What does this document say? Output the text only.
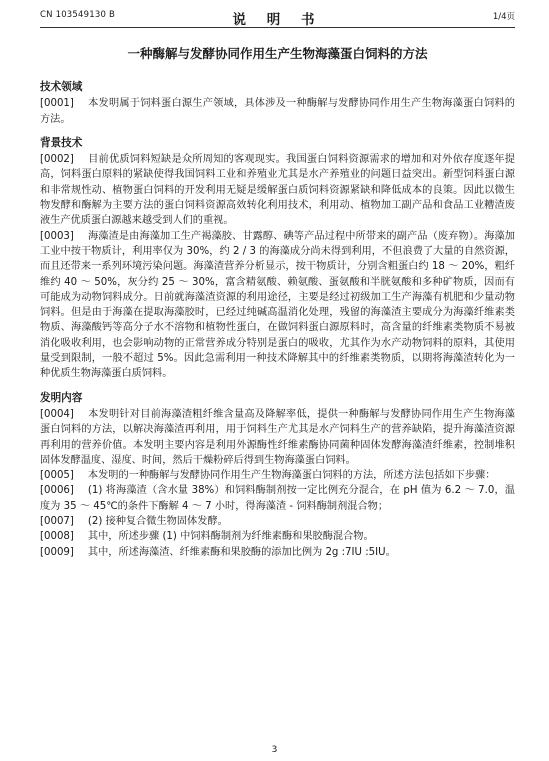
CN 103549130 B	说 明 书	1/4页
一种酶解与发酵协同作用生产生物海藻蛋白饲料的方法
技术领域

[0001] 本发明属于饲料蛋白源生产领域，具体涉及一种酶解与发酵协同作用生产生物海藻蛋白饲料的方法。

背景技术

[0002] 目前优质饲料短缺是众所周知的客观现实。我国蛋白饲料资源需求的增加和对外依存度逐年提高，饲料蛋白原料的紧缺使得我国饲料工业和养殖业尤其是水产养殖业的问题日益突出。新型饲料蛋白源和非常规性动、植物蛋白饲料的开发利用无疑是缓解蛋白质饲料资源紧缺和降低成本的良策。因此以微生物发酵和酶解为主要方法的蛋白饲料资源高效转化利用技术，利用动、植物加工副产品和食品工业糟渣废液生产优质蛋白源越来越受到人们的重视。

[0003] 海藻渣是由海藻加工生产褐藻胶、甘露醇、碘等产品过程中所带来的副产品（废弃物）。海藻加工业中按干物质计，利用率仅为 30%，约 2 / 3 的海藻成分尚未得到利用，不但浪费了大量的自然资源，而且还带来一系列环境污染问题。海藻渣营养分析显示，按干物质计，分别含粗蛋白约 18 ～ 20%，粗纤维约 40 ～ 50%，灰分约 25 ～ 30%，富含精氨酸、赖氨酸、蛋氨酸和半胱氨酸和多种矿物质，因而有可能成为动物饲料成分。日前就海藻渣资源的利用途径，主要是经过初级加工生产海藻有机肥和少量动物饲料。但是由于海藻在提取海藻胶时，已经过纯碱高温消化处理，残留的海藻渣主要成分为海藻纤维素类物质、海藻酸钙等高分子水不溶物和植物性蛋白，在做饲料蛋白源原料时，高含量的纤维素类物质不易被消化吸收利用，也会影响动物的正常营养成分特别是蛋白的吸收，尤其作为水产动物饲料的原料，其使用量受到限制，一般不超过 5%。因此急需利用一种技术降解其中的纤维素类物质，以期将海藻渣转化为一种优质生物海藻蛋白质饲料。

发明内容

[0004] 本发明针对目前海藻渣粗纤维含量高及降解率低，提供一种酶解与发酵协同作用生产生物海藻蛋白饲料的方法，以解决海藻渣再利用，用于饲料生产尤其是水产饲料生产的营养缺陷，提升海藻渣资源再利用的营养价值。本发明主要内容是利用外源酶性纤维素酶协同菌种固体发酵海藻渣纤维素，控制堆积固体发酵温度、湿度、时间，然后干燥粉碎后得到生物海藻蛋白饲料。

[0005] 本发明的一种酶解与发酵协同作用生产生物海藻蛋白饲料的方法，所述方法包括如下步骤：

[0006] (1) 将海藻渣（含水量 38%）和饲料酶制剂按一定比例充分混合，在 pH 值为 6.2 ～ 7.0，温度为 35 ～ 45℃的条件下酶解 4 ～ 7 小时，得海藻渣 - 饲料酶制剂混合物；

[0007] (2) 接种复合微生物固体发酵。

[0008] 其中，所述步骤 (1) 中饲料酶制剂为纤维素酶和果胶酶混合物。

[0009] 其中，所述海藻渣、纤维素酶和果胶酶的添加比例为 2g :7IU :5IU。

3
